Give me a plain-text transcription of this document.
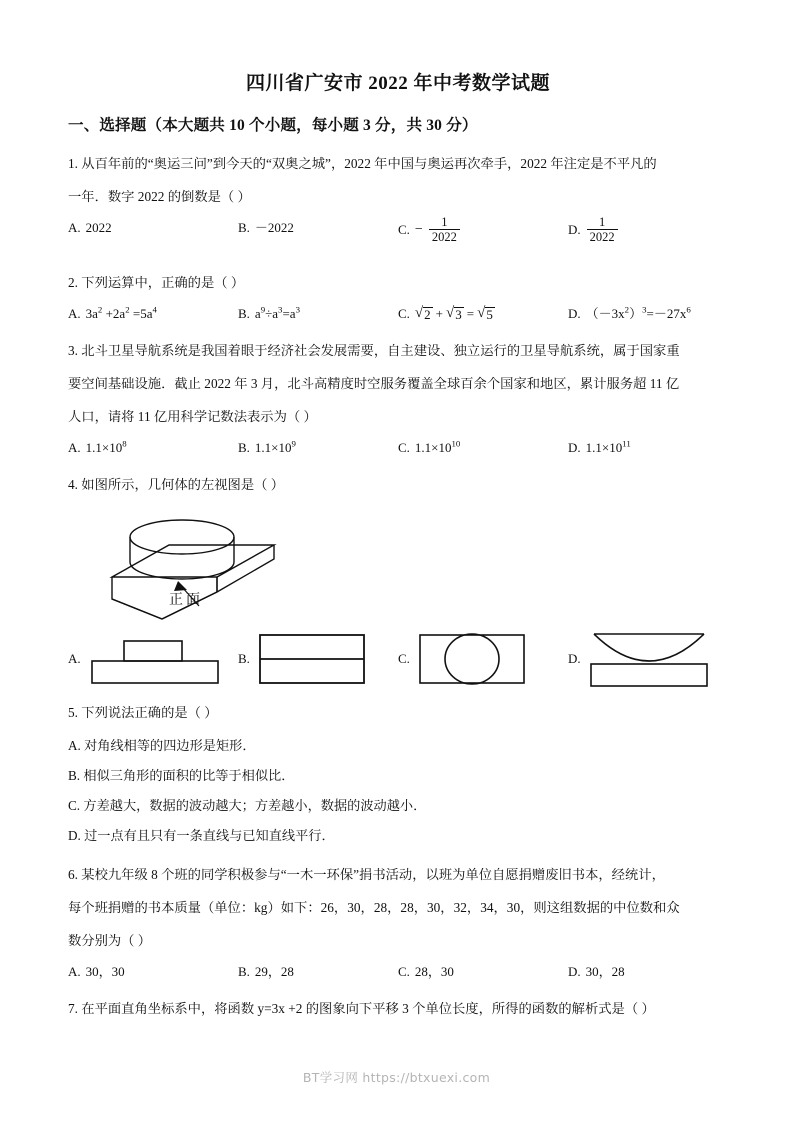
四川省广安市 2022 年中考数学试题
一、选择题（本大题共 10 个小题，每小题 3 分，共 30 分）

1. 从百年前的“奥运三问”到今天的“双奥之城”，2022 年中国与奥运再次牵手，2022 年注定是不平凡的

一年．数字 2022 的倒数是（ ）

A. 2022	B. －2022	C. − $\frac{1}{2022}$	D. $\frac{1}{2022}$

2. 下列运算中，正确的是（ ）

A. $3a^2 +2a^2 =5a^4$	B. $a^9\div a^3=a^3$	C. √ 2 + √ 3 = √ 5	D. $(-3x^2)^3=-27x^6$

3. 北斗卫星导航系统是我国着眼于经济社会发展需要，自主建设、独立运行的卫星导航系统，属于国家重

要空间基础设施．截止 2022 年 3 月，北斗高精度时空服务覆盖全球百余个国家和地区，累计服务超 11 亿

人口，请将 11 亿用科学记数法表示为（ ）

A. $1.1\times 10^8$	B. $1.1\times 10^9$	C. $1.1\times 10^{10}$	D. $1.1\times 10^{11}$

4. 如图所示，几何体的左视图是（ ）

正面
A.	B.	C.	D.

5. 下列说法正确的是（ ）

A. 对角线相等的四边形是矩形．

B. 相似三角形的面积的比等于相似比．

C. 方差越大，数据的波动越大；方差越小，数据的波动越小．

D. 过一点有且只有一条直线与已知直线平行．

6. 某校九年级 8 个班的同学积极参与“一木一环保”捐书活动，以班为单位自愿捐赠废旧书本，经统计，

每个班捐赠的书本质量（单位：kg）如下：26，30，28，28，30，32，34，30，则这组数据的中位数和众

数分别为（ ）

A. 30，30	B. 29，28	C. 28，30	D. 30，28

7. 在平面直角坐标系中，将函数 y=3x +2 的图象向下平移 3 个单位长度，所得的函数的解析式是（ ）

BT学习网 https://btxuexi.com
